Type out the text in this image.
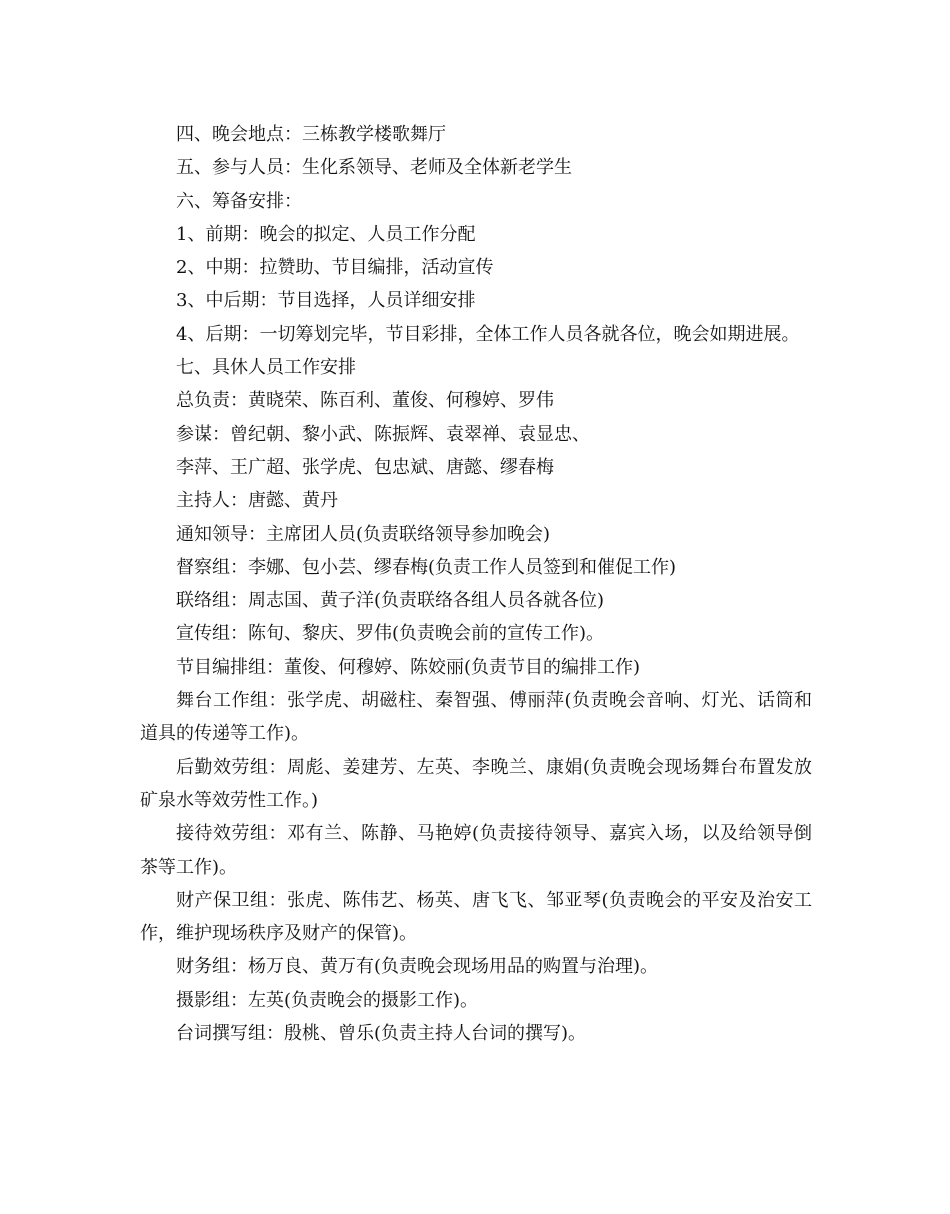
四、晚会地点：三栋教学楼歌舞厅

五、参与人员：生化系领导、老师及全体新老学生

六、筹备安排：

1、前期：晚会的拟定、人员工作分配

2、中期：拉赞助、节目编排，活动宣传

3、中后期：节目选择，人员详细安排

4、后期：一切筹划完毕，节目彩排，全体工作人员各就各位，晚会如期进展。

七、具休人员工作安排

总负责：黄晓荣、陈百利、董俊、何穆婷、罗伟

参谋：曾纪朝、黎小武、陈振辉、袁翠禅、袁显忠、

李萍、王广超、张学虎、包忠斌、唐懿、缪春梅

主持人：唐懿、黄丹

通知领导：主席团人员(负责联络领导参加晚会)

督察组：李娜、包小芸、缪春梅(负责工作人员签到和催促工作)

联络组：周志国、黄子洋(负责联络各组人员各就各位)

宣传组：陈旬、黎庆、罗伟(负责晚会前的宣传工作)。

节目编排组：董俊、何穆婷、陈姣丽(负责节目的编排工作)

舞台工作组：张学虎、胡磁柱、秦智强、傅丽萍(负责晚会音响、灯光、话筒和道具的传递等工作)。

后勤效劳组：周彪、姜建芳、左英、李晚兰、康娟(负责晚会现场舞台布置发放矿泉水等效劳性工作。)

接待效劳组：邓有兰、陈静、马艳婷(负责接待领导、嘉宾入场，以及给领导倒茶等工作)。

财产保卫组：张虎、陈伟艺、杨英、唐飞飞、邹亚琴(负责晚会的平安及治安工作，维护现场秩序及财产的保管)。

财务组：杨万良、黄万有(负责晚会现场用品的购置与治理)。

摄影组：左英(负责晚会的摄影工作)。

台词撰写组：殷桃、曾乐(负责主持人台词的撰写)。
